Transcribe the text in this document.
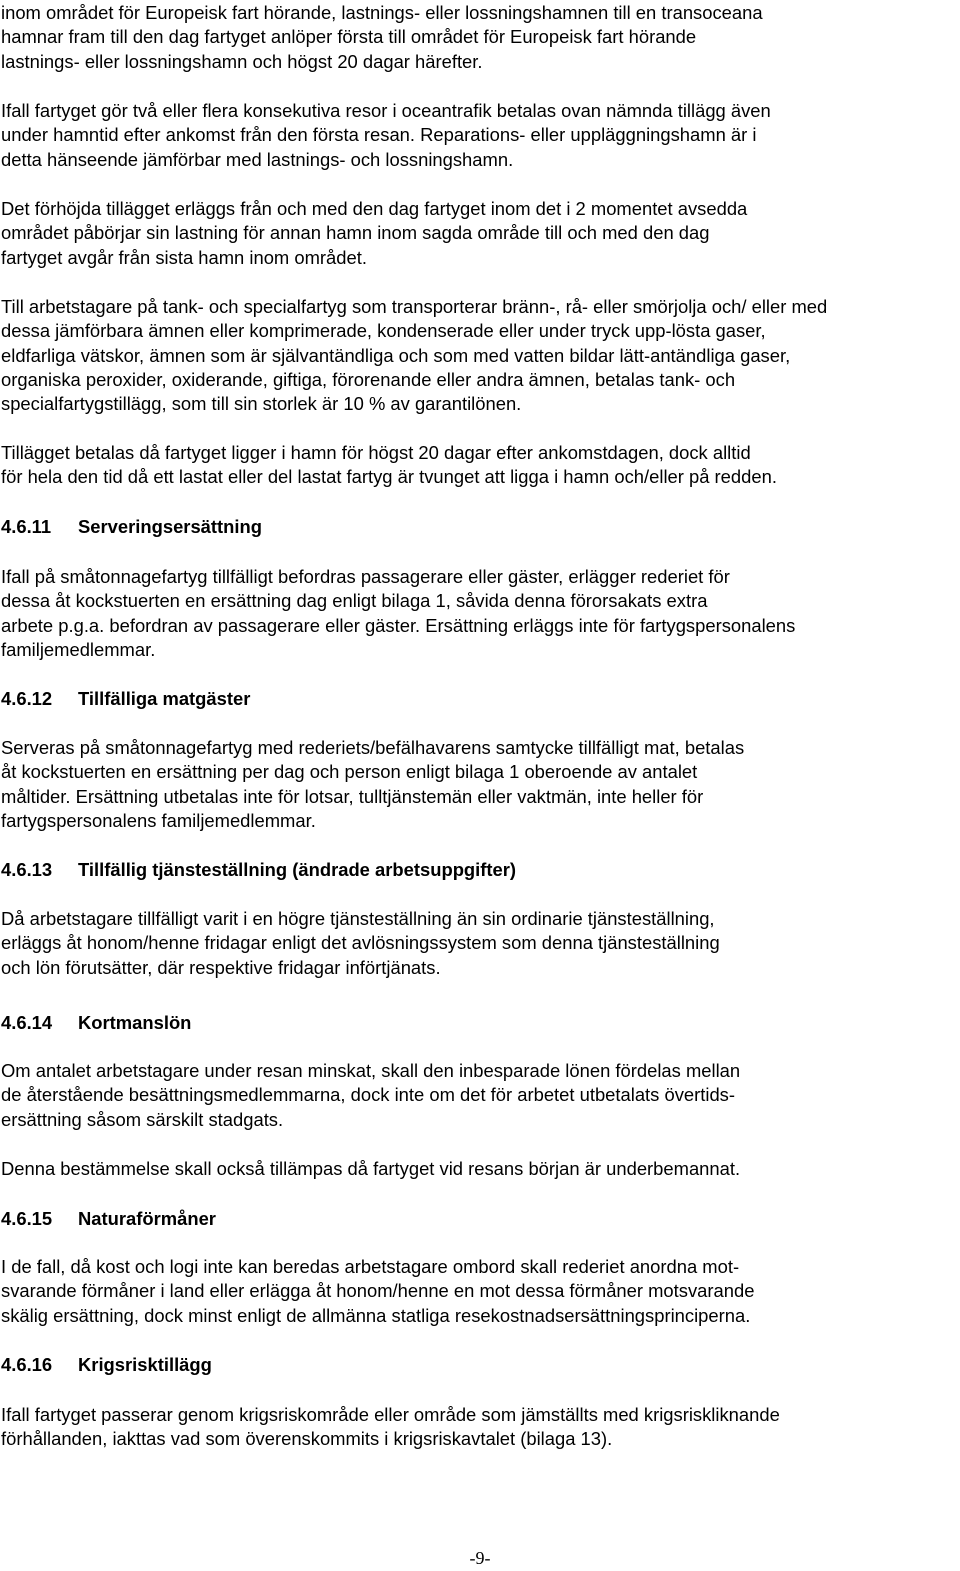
inom området för Europeisk fart hörande, lastnings- eller lossningshamnen till en transoceana
hamnar fram till den dag fartyget anlöper första till området för Europeisk fart hörande
lastnings- eller lossningshamn och högst 20 dagar härefter.

Ifall fartyget gör två eller flera konsekutiva resor i oceantrafik betalas ovan nämnda tillägg även
under hamntid efter ankomst från den första resan. Reparations- eller uppläggningshamn är i
detta hänseende jämförbar med lastnings- och lossningshamn.

Det förhöjda tillägget erläggs från och med den dag fartyget inom det i 2 momentet avsedda
området påbörjar sin lastning för annan hamn inom sagda område till och med den dag
fartyget avgår från sista hamn inom området.

Till arbetstagare på tank- och specialfartyg som transporterar bränn-, rå- eller smörjolja och/ eller med
dessa jämförbara ämnen eller komprimerade, kondenserade eller under tryck upp-lösta gaser,
eldfarliga vätskor, ämnen som är självantändliga och som med vatten bildar lätt-antändliga gaser,
organiska peroxider, oxiderande, giftiga, förorenande eller andra ämnen, betalas tank- och
specialfartygstillägg, som till sin storlek är 10 % av garantilönen.

Tillägget betalas då fartyget ligger i hamn för högst 20 dagar efter ankomstdagen, dock alltid
för hela den tid då ett lastat eller del lastat fartyg är tvunget att ligga i hamn och/eller på redden.

4.6.11 Serveringsersättning

Ifall på småtonnagefartyg tillfälligt befordras passagerare eller gäster, erlägger rederiet för
dessa åt kockstuerten en ersättning dag enligt bilaga 1, såvida denna förorsakats extra
arbete p.g.a. befordran av passagerare eller gäster. Ersättning erläggs inte för fartygspersonalens
familjemedlemmar.

4.6.12 Tillfälliga matgäster

Serveras på småtonnagefartyg med rederiets/befälhavarens samtycke tillfälligt mat, betalas
åt kockstuerten en ersättning per dag och person enligt bilaga 1 oberoende av antalet
måltider. Ersättning utbetalas inte för lotsar, tulltjänstemän eller vaktmän, inte heller för
fartygspersonalens familjemedlemmar.

4.6.13 Tillfällig tjänsteställning (ändrade arbetsuppgifter)

Då arbetstagare tillfälligt varit i en högre tjänsteställning än sin ordinarie tjänsteställning,
erläggs åt honom/henne fridagar enligt det avlösningssystem som denna tjänsteställning
och lön förutsätter, där respektive fridagar införtjänats.

4.6.14 Kortmanslön

Om antalet arbetstagare under resan minskat, skall den inbesparade lönen fördelas mellan
de återstående besättningsmedlemmarna, dock inte om det för arbetet utbetalats övertids-
ersättning såsom särskilt stadgats.

Denna bestämmelse skall också tillämpas då fartyget vid resans början är underbemannat.

4.6.15 Naturaförmåner

I de fall, då kost och logi inte kan beredas arbetstagare ombord skall rederiet anordna mot-
svarande förmåner i land eller erlägga åt honom/henne en mot dessa förmåner motsvarande
skälig ersättning, dock minst enligt de allmänna statliga resekostnadsersättningsprinciperna.

4.6.16 Krigsrisktillägg

Ifall fartyget passerar genom krigsriskområde eller område som jämställts med krigsriskliknande
förhållanden, iakttas vad som överenskommits i krigsriskavtalet (bilaga 13).

-9-
